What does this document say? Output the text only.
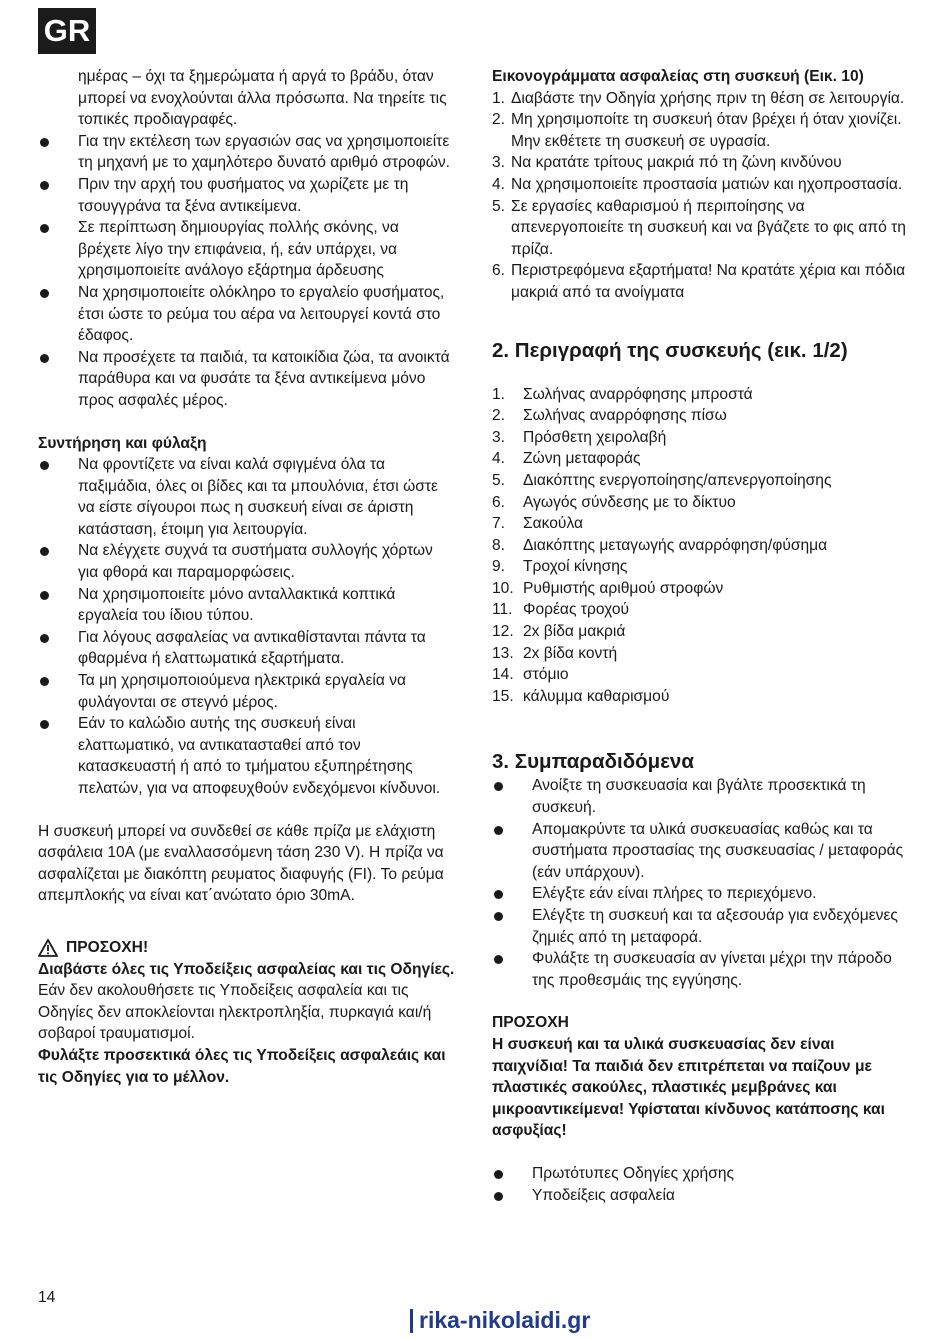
GR

ημέρας – όχι τα ξημερώματα ή αργά το βράδυ, όταν μπορεί να ενοχλούνται άλλα πρόσωπα. Να τηρείτε τις τοπικές προδιαγραφές.

Για την εκτέλεση των εργασιών σας να χρησιμοποιείτε τη μηχανή με το χαμηλότερο δυνατό αριθμό στροφών.
Πριν την αρχή του φυσήματος να χωρίζετε με τη τσουγγράνα τα ξένα αντικείμενα.
Σε περίπτωση δημιουργίας πολλής σκόνης, να βρέχετε λίγο την επιφάνεια, ή, εάν υπάρχει, να χρησιμοποιείτε ανάλογο εξάρτημα άρδευσης
Να χρησιμοποιείτε ολόκληρο το εργαλείο φυσήματος, έτσι ώστε το ρεύμα του αέρα να λειτουργεί κοντά στο έδαφος.
Να προσέχετε τα παιδιά, τα κατοικίδια ζώα, τα ανοικτά παράθυρα και να φυσάτε τα ξένα αντικείμενα μόνο προς ασφαλές μέρος.

Συντήρηση και φύλαξη

Να φροντίζετε να είναι καλά σφιγμένα όλα τα παξιμάδια, όλες οι βίδες και τα μπουλόνια, έτσι ώστε να είστε σίγουροι πως η συσκευή είναι σε άριστη κατάσταση, έτοιμη για λειτουργία.
Να ελέγχετε συχνά τα συστήματα συλλογής χόρτων για φθορά και παραμορφώσεις.
Να χρησιμοποιείτε μόνο ανταλλακτικά κοπτικά εργαλεία του ίδιου τύπου.
Για λόγους ασφαλείας να αντικαθίστανται πάντα τα φθαρμένα ή ελαττωματικά εξαρτήματα.
Τα μη χρησιμοποιούμενα ηλεκτρικά εργαλεία να φυλάγονται σε στεγνό μέρος.
Εάν το καλώδιο αυτής της συσκευή είναι ελαττωματικό, να αντικατασταθεί από τον κατασκευαστή ή από το τμήματου εξυπηρέτησης πελατών, για να αποφευχθούν ενδεχόμενοι κίνδυνοι.

Η συσκευή μπορεί να συνδεθεί σε κάθε πρίζα με ελάχιστη ασφάλεια 10A (με εναλλασσόμενη τάση 230 V). Η πρίζα να ασφαλίζεται με διακόπτη ρευματος διαφυγής (FI). Το ρεύμα απεμπλοκής να είναι κατ΄ανώτατο όριο 30mA.

ΠΡΟΣΟΧΗ!

Διαβάστε όλες τις Υποδείξεις ασφαλείας και τις Οδηγίες.

Εάν δεν ακολουθήσετε τις Υποδείξεις ασφαλεία και τις Οδηγίες δεν αποκλείονται ηλεκτροπληξία, πυρκαγιά και/ή σοβαροί τραυματισμοί.

Φυλάξτε προσεκτικά όλες τις Υποδείξεις ασφαλεάις και τις Οδηγίες για το μέλλον.

Εικονογράμματα ασφαλείας στη συσκευή (Εικ. 10)

1. Διαβάστε την Οδηγία χρήσης πριν τη θέση σε λειτουργία.
2. Μη χρησιμοποίτε τη συσκευή όταν βρέχει ή όταν χιονίζει. Μην εκθέτετε τη συσκευή σε υγρασία.
3. Να κρατάτε τρίτους μακριά πό τη ζώνη κινδύνου
4. Να χρησιμοποιείτε προστασία ματιών και ηχοπροστασία.
5. Σε εργασίες καθαρισμού ή περιποίησης να απενεργοποιείτε τη συσκευή και να βγάζετε το φις από τη πρίζα.
6. Περιστρεφόμενα εξαρτήματα! Να κρατάτε χέρια και πόδια μακριά από τα ανοίγματα

2. Περιγραφή της συσκευής (εικ. 1/2)

1. Σωλήνας αναρρόφησης μπροστά
2. Σωλήνας αναρρόφησης πίσω
3. Πρόσθετη χειρολαβή
4. Ζώνη μεταφοράς
5. Διακόπτης ενεργοποίησης/απενεργοποίησης
6. Αγωγός σύνδεσης με το δίκτυο
7. Σακούλα
8. Διακόπτης μεταγωγής αναρρόφηση/φύσημα
9. Τροχοί κίνησης
10. Ρυθμιστής αριθμού στροφών
11. Φορέας τροχού
12. 2x βίδα μακριά
13. 2x βίδα κοντή
14. στόμιο
15. κάλυμμα καθαρισμού

3. Συμπαραδιδόμενα

Ανοίξτε τη συσκευασία και βγάλτε προσεκτικά τη συσκευή.
Απομακρύντε τα υλικά συσκευασίας καθώς και τα συστήματα προστασίας της συσκευασίας / μεταφοράς (εάν υπάρχουν).
Ελέγξτε εάν είναι πλήρες το περιεχόμενο.
Ελέγξτε τη συσκευή και τα αξεσουάρ για ενδεχόμενες ζημιές από τη μεταφορά.
Φυλάξτε τη συσκευασία αν γίνεται μέχρι την πάροδο της προθεσμάις της εγγύησης.

ΠΡΟΣΟΧΗ

Η συσκευή και τα υλικά συσκευασίας δεν είναι παιχνίδια! Τα παιδιά δεν επιτρέπεται να παίζουν με πλαστικές σακούλες, πλαστικές μεμβράνες και μικροαντικείμενα! Υφίσταται κίνδυνος κατάποσης και ασφυξίας!

Πρωτότυπες Οδηγίες χρήσης
Υποδείξεις ασφαλεία
14
rika-nikolaidi.gr
